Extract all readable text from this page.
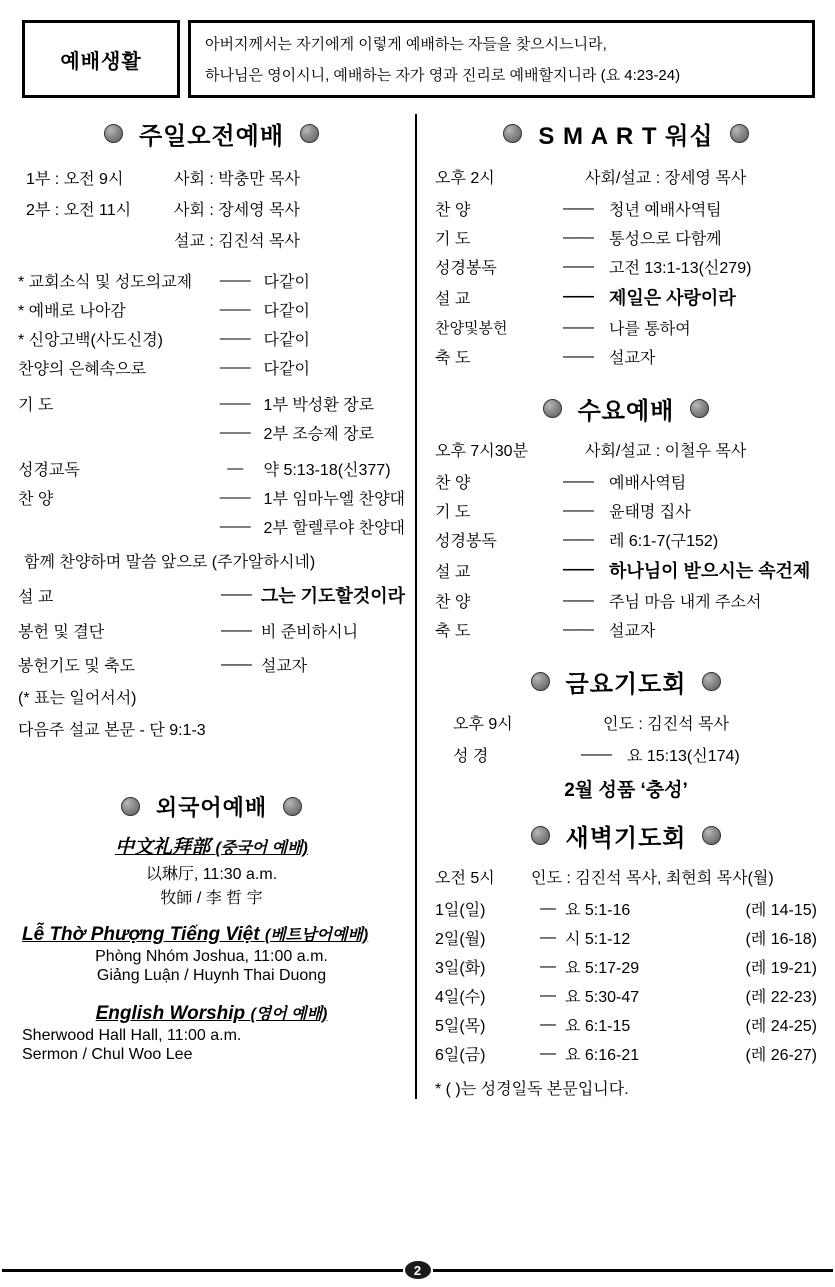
예배생활
아버지께서는 자기에게 이렇게 예배하는 자들을 찾으시느니라,
하나님은 영이시니, 예배하는 자가 영과 진리로 예배할지니라 (요 4:23-24)
주일오전예배
1부 : 오전 9시	사회 : 박충만 목사
2부 : 오전 11시	사회 : 장세영 목사
	설교 : 김진석 목사
* 교회소식 및 성도의교제	——	다같이
* 예배로 나아감	——	다같이
* 신앙고백(사도신경)	——	다같이
찬양의 은혜속으로	——	다같이
기 도	——	1부 박성환 장로
	——	2부 조승제 장로
성경교독	—	약 5:13-18(신377)
찬 양	——	1부 임마누엘 찬양대
	——	2부 할렐루야 찬양대
함께 찬양하며 말씀 앞으로 (주가알하시네)
설 교	——	그는 기도할것이라
봉헌 및 결단	——	비 준비하시니
봉헌기도 및 축도	——	설교자
(* 표는 일어서서)
다음주 설교 본문 - 단 9:1-3
외국어예배
中文礼拜部 (중국어 예배)
以琳厅, 11:30 a.m.
牧師 / 李 哲 宇
Lễ Thờ Phượng Tiếng Việt (베트남어예배)
Phòng Nhóm Joshua, 11:00 a.m.
Giảng Luận / Huynh Thai Duong
English Worship (영어 예배)
Sherwood Hall Hall, 11:00 a.m.
Sermon / Chul Woo Lee
S M A R T 워십
오후 2시	사회/설교 : 장세영 목사
찬 양	——	청년 예배사역팀
기 도	——	통성으로 다함께
성경봉독	——	고전 13:1-13(신279)
설 교	——	제일은 사랑이라
찬양및봉헌	——	나를 통하여
축 도	——	설교자
수요예배
오후 7시30분	사회/설교 : 이철우 목사
찬 양	——	예배사역팀
기 도	——	윤태명 집사
성경봉독	——	레 6:1-7(구152)
설 교	——	하나님이 받으시는 속건제
찬 양	——	주님 마음 내게 주소서
축 도	——	설교자
금요기도회
오후 9시	인도 : 김진석 목사
성 경	——	요 15:13(신174)
2월 성품 ‘충성’
새벽기도회
오전 5시	인도 : 김진석 목사, 최현희 목사(월)
1일(일)	—	요 5:1-16	(레 14-15)
2일(월)	—	시 5:1-12	(레 16-18)
3일(화)	—	요 5:17-29	(레 19-21)
4일(수)	—	요 5:30-47	(레 22-23)
5일(목)	—	요 6:1-15	(레 24-25)
6일(금)	—	요 6:16-21	(레 26-27)
* ( )는 성경일독 본문입니다.
2
